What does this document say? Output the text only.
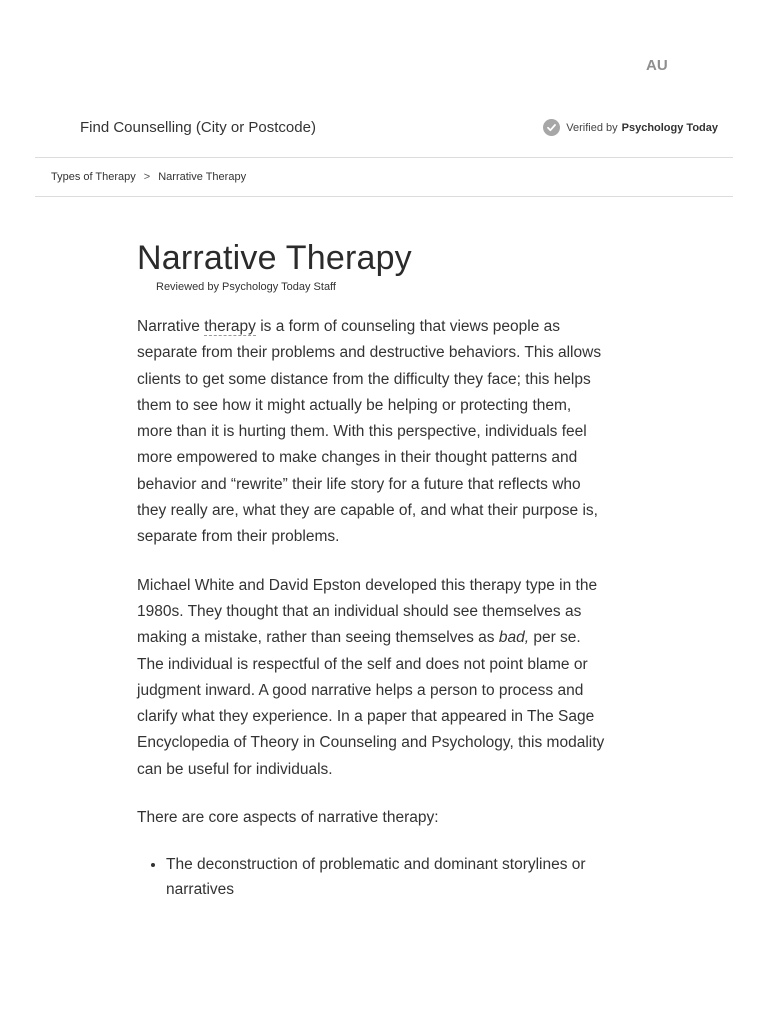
AU
Find Counselling (City or Postcode)	Verified by Psychology Today
Types of Therapy > Narrative Therapy
Narrative Therapy
Reviewed by Psychology Today Staff

Narrative therapy is a form of counseling that views people as separate from their problems and destructive behaviors. This allows clients to get some distance from the difficulty they face; this helps them to see how it might actually be helping or protecting them, more than it is hurting them. With this perspective, individuals feel more empowered to make changes in their thought patterns and behavior and “rewrite” their life story for a future that reflects who they really are, what they are capable of, and what their purpose is, separate from their problems.

Michael White and David Epston developed this therapy type in the 1980s. They thought that an individual should see themselves as making a mistake, rather than seeing themselves as bad, per se. The individual is respectful of the self and does not point blame or judgment inward. A good narrative helps a person to process and clarify what they experience. In a paper that appeared in The Sage Encyclopedia of Theory in Counseling and Psychology, this modality can be useful for individuals.

There are core aspects of narrative therapy:

• The deconstruction of problematic and dominant storylines or narratives
